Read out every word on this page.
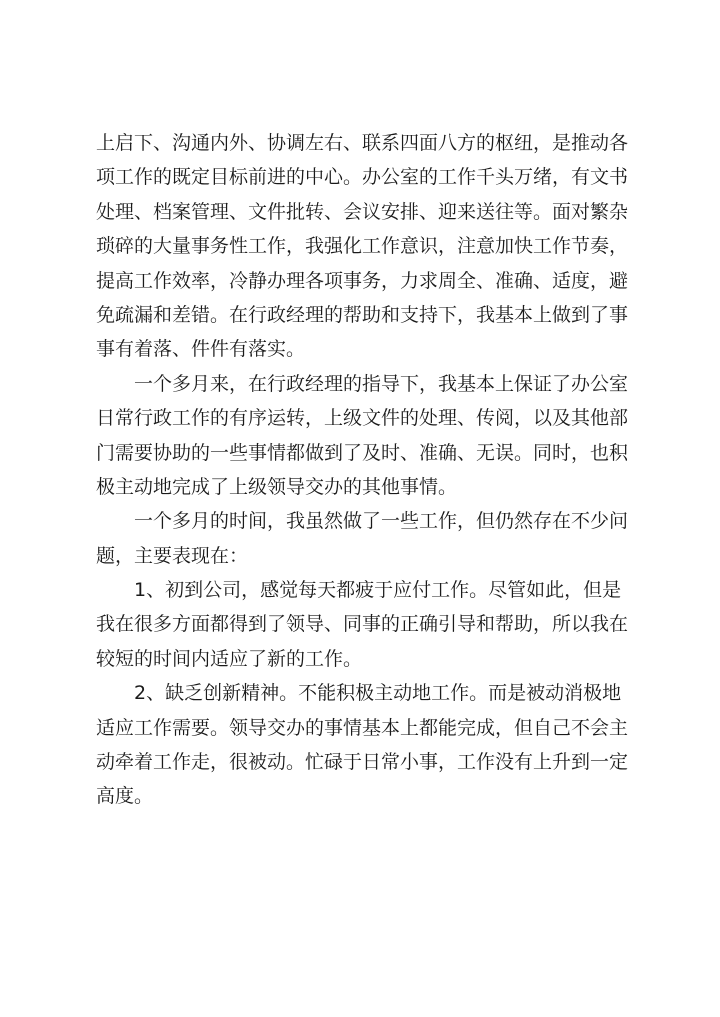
上启下、沟通内外、协调左右、联系四面八方的枢纽，是推动各
项工作的既定目标前进的中心。办公室的工作千头万绪，有文书
处理、档案管理、文件批转、会议安排、迎来送往等。面对繁杂
琐碎的大量事务性工作，我强化工作意识，注意加快工作节奏，
提高工作效率，冷静办理各项事务，力求周全、准确、适度，避
免疏漏和差错。在行政经理的帮助和支持下，我基本上做到了事
事有着落、件件有落实。
一个多月来，在行政经理的指导下，我基本上保证了办公室
日常行政工作的有序运转，上级文件的处理、传阅，以及其他部
门需要协助的一些事情都做到了及时、准确、无误。同时，也积
极主动地完成了上级领导交办的其他事情。
一个多月的时间，我虽然做了一些工作，但仍然存在不少问
题，主要表现在：
1、初到公司，感觉每天都疲于应付工作。尽管如此，但是
我在很多方面都得到了领导、同事的正确引导和帮助，所以我在
较短的时间内适应了新的工作。
2、缺乏创新精神。不能积极主动地工作。而是被动消极地
适应工作需要。领导交办的事情基本上都能完成，但自己不会主
动牵着工作走，很被动。忙碌于日常小事，工作没有上升到一定
高度。
